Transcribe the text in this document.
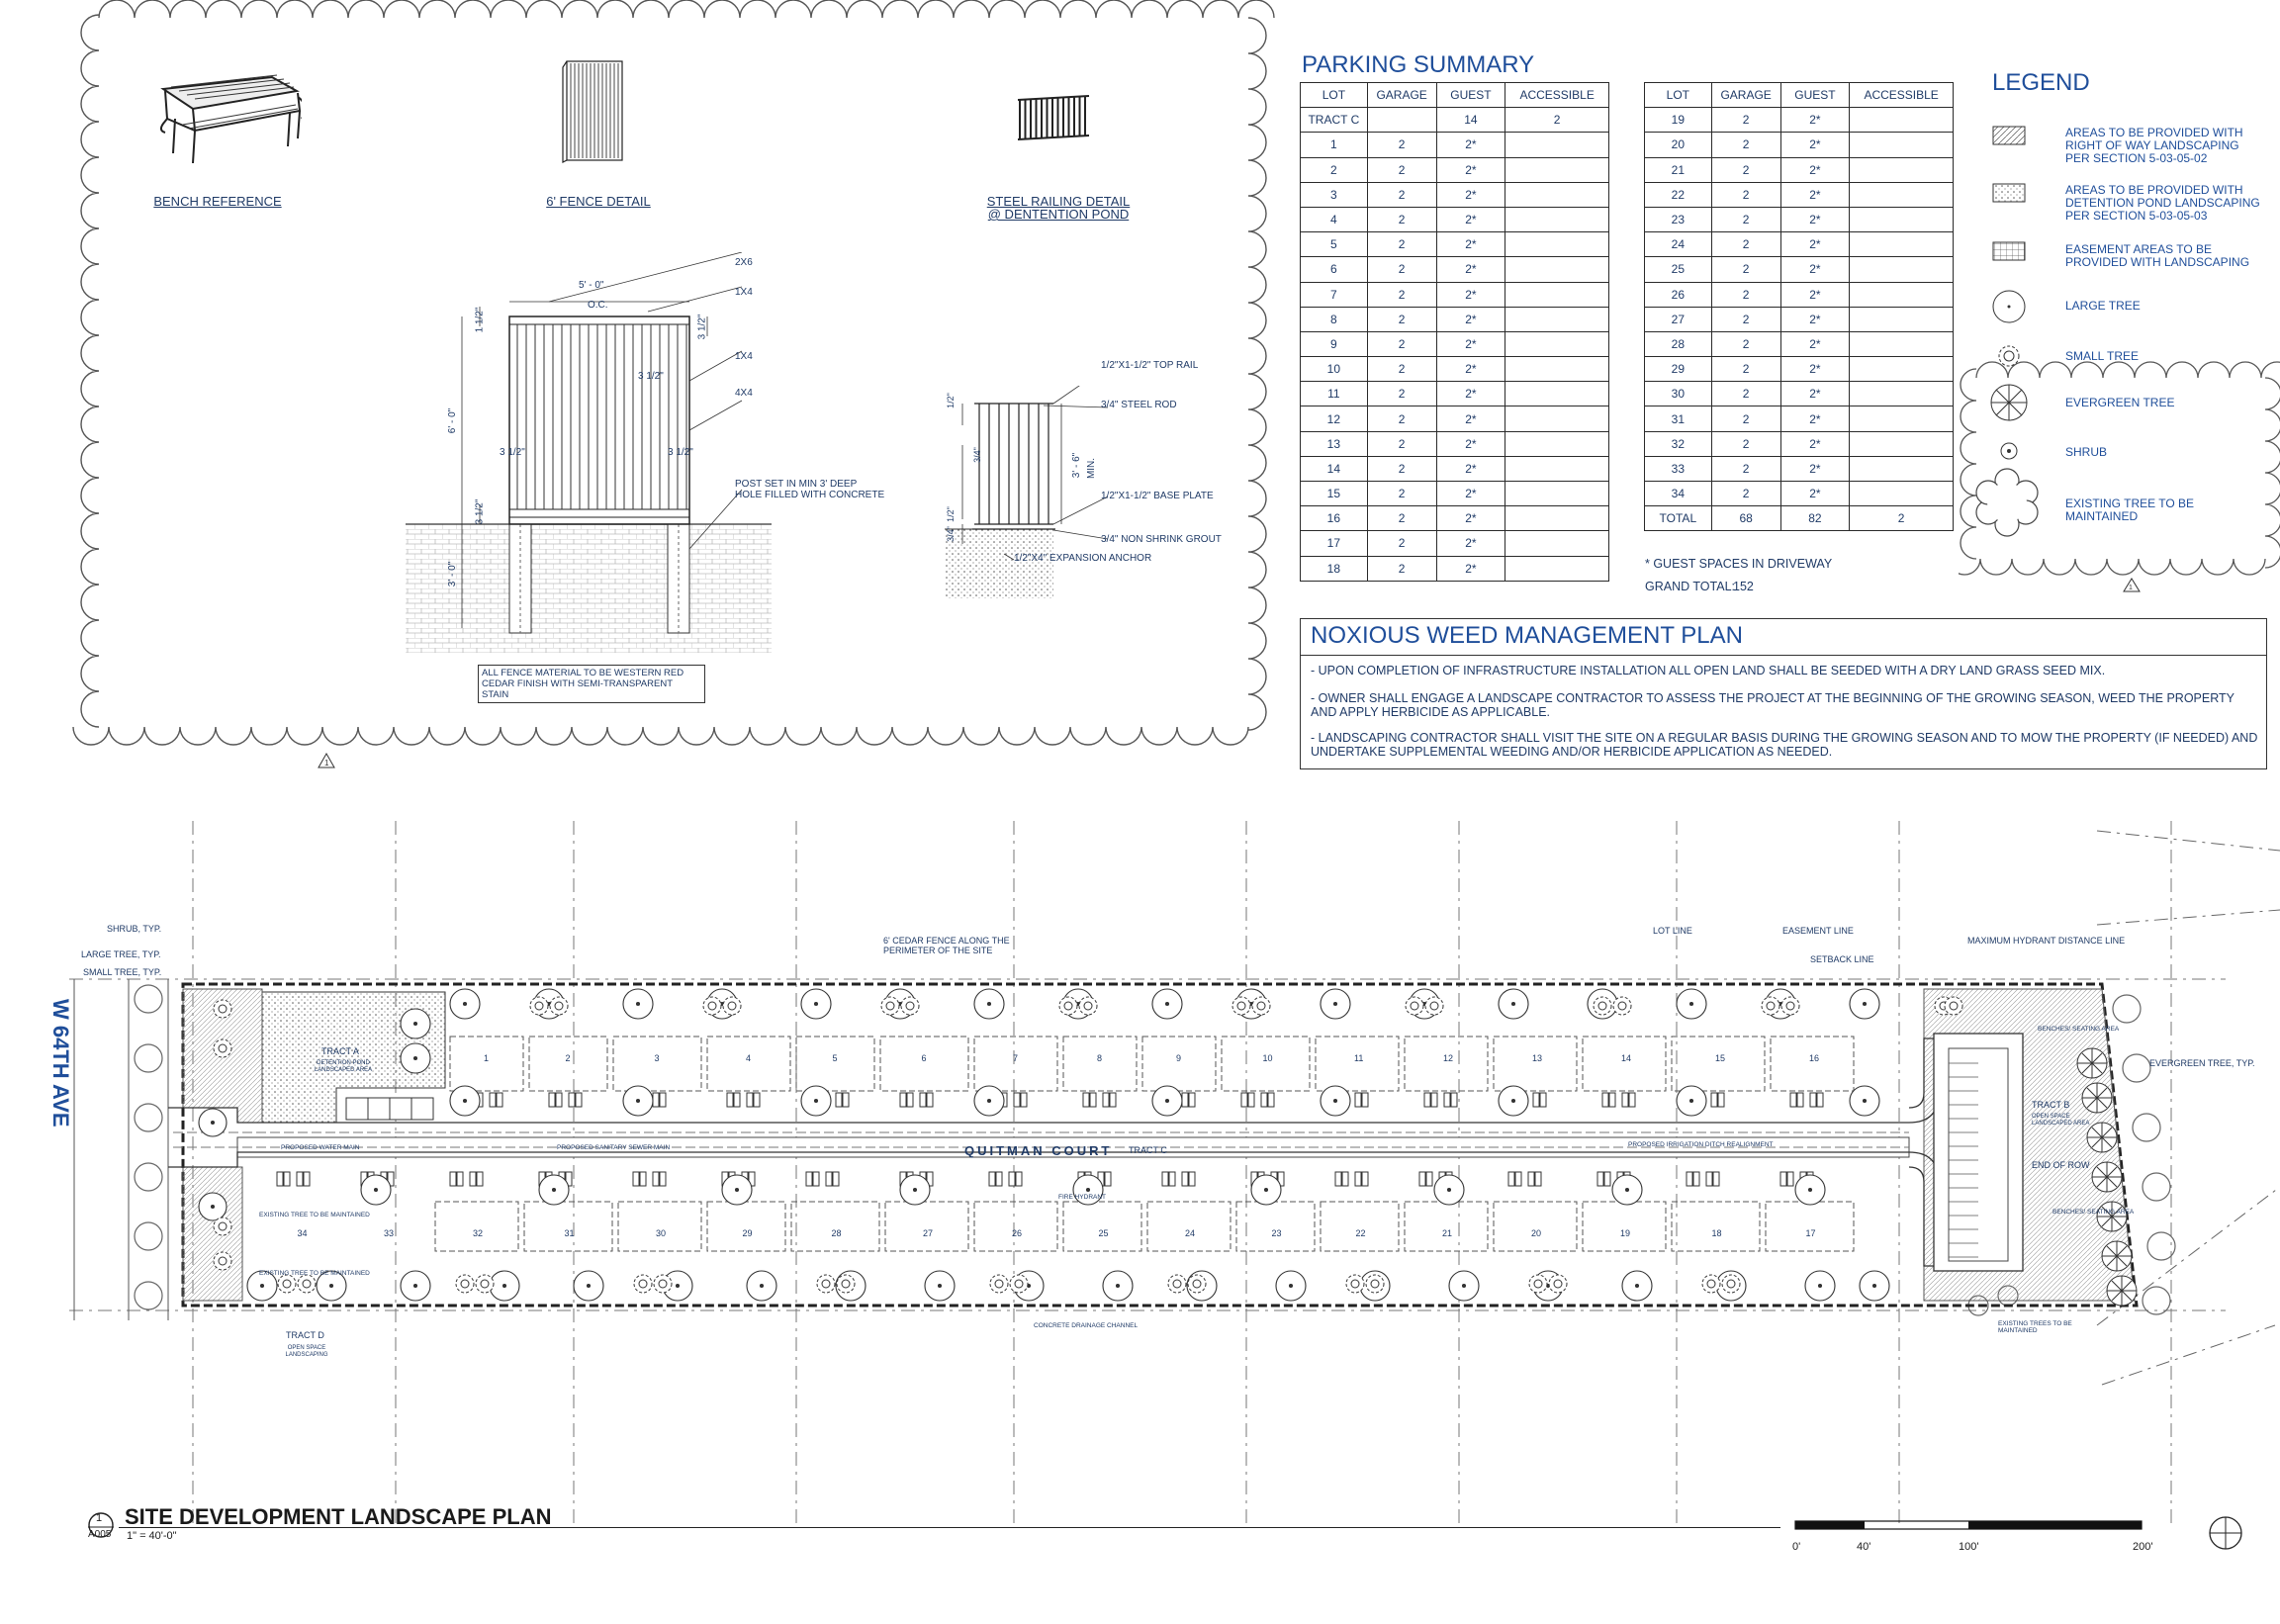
BENCH REFERENCE	6' FENCE DETAIL	STEEL RAILING DETAIL
@ DENTENTION POND
2X6
1X4
1X4
4X4
POST SET IN MIN 3' DEEP
HOLE FILLED WITH CONCRETE
5' - 0"
O.C.
6' - 0"
3' - 0"
3 1/2"	3 1/2"
3 1/2"
1 1/2"	3 1/2"
3 1/2"
ALL FENCE MATERIAL TO BE WESTERN RED
CEDAR FINISH WITH SEMI-TRANSPARENT STAIN
1/2"X1-1/2" TOP RAIL
3/4" STEEL ROD
1/2"X1-1/2" BASE PLATE
3/4" NON SHRINK GROUT
1/2"X4" EXPANSION ANCHOR
1/2"
3/4"	3' - 6" MIN.
1/2"
3/4"
1
PARKING SUMMARY
LOT	GARAGE	GUEST	ACCESSIBLE
TRACT C		14	2
1	2	2*	
2	2	2*	
3	2	2*	
4	2	2*	
5	2	2*	
6	2	2*	
7	2	2*	
8	2	2*	
9	2	2*	
10	2	2*	
11	2	2*	
12	2	2*	
13	2	2*	
14	2	2*	
15	2	2*	
16	2	2*	
17	2	2*	
18	2	2*	
LOT	GARAGE	GUEST	ACCESSIBLE
19	2	2*	
20	2	2*	
21	2	2*	
22	2	2*	
23	2	2*	
24	2	2*	
25	2	2*	
26	2	2*	
27	2	2*	
28	2	2*	
29	2	2*	
30	2	2*	
31	2	2*	
32	2	2*	
33	2	2*	
34	2	2*	
TOTAL	68	82	2
* GUEST SPACES IN DRIVEWAY
GRAND TOTAL:
152	1
LEGEND
AREAS TO BE PROVIDED WITH
RIGHT OF WAY LANDSCAPING
PER SECTION 5-03-05-02
AREAS TO BE PROVIDED WITH
DETENTION POND LANDSCAPING
PER SECTION 5-03-05-03
EASEMENT AREAS TO BE
PROVIDED WITH LANDSCAPING
LARGE TREE
SMALL TREE
EVERGREEN TREE
SHRUB
EXISTING TREE TO BE
MAINTAINED
NOXIOUS WEED MANAGEMENT PLAN
- UPON COMPLETION OF INFRASTRUCTURE INSTALLATION ALL OPEN LAND SHALL BE SEEDED WITH A DRY LAND GRASS SEED MIX.
- OWNER SHALL ENGAGE A LANDSCAPE CONTRACTOR TO ASSESS THE PROJECT AT THE BEGINNING OF THE GROWING SEASON, WEED THE PROPERTY AND APPLY HERBICIDE AS APPLICABLE.
- LANDSCAPING CONTRACTOR SHALL VISIT THE SITE ON A REGULAR BASIS DURING THE GROWING SEASON AND TO MOW THE PROPERTY (IF NEEDED) AND UNDERTAKE SUPPLEMENTAL WEEDING AND/OR HERBICIDE APPLICATION AS NEEDED.
W 64TH AVE
QUITMAN COURT TRACT C
SHRUB, TYP.
LARGE TREE, TYP.
SMALL TREE, TYP.
6' CEDAR FENCE ALONG THE PERIMETER OF THE SITE
LOT LINE	EASEMENT LINE
SETBACK LINE
MAXIMUM HYDRANT DISTANCE LINE
EVERGREEN TREE, TYP.
TRACT A
DETENTION POND LANDSCAPED AREA
TRACT B
OPEN SPACE LANDSCAPED AREA
TRACT D
OPEN SPACE LANDSCAPING
END OF ROW
EXISTING TREES TO BE MAINTAINED
EXISTING TREE TO BE MAINTAINED
EXISTING TREE TO BE MAINTAINED
PROPOSED WATER MAIN	PROPOSED SANITARY SEWER MAIN	PROPOSED IRRIGATION DITCH REALIGNMENT
CONCRETE DRAINAGE CHANNEL
BENCHES/ SEATING AREA
BENCHES/ SEATING AREA
FIRE HYDRANT
1	2	3	4	5	6	7	8	9	10	11	12	13	14	15	16
34	33	32	31	30	29	28	27	26	25	24	23	22	21	20	19	18	17
1
A005
SITE DEVELOPMENT LANDSCAPE PLAN
1" = 40'-0"
0'	40'	100'	200'
